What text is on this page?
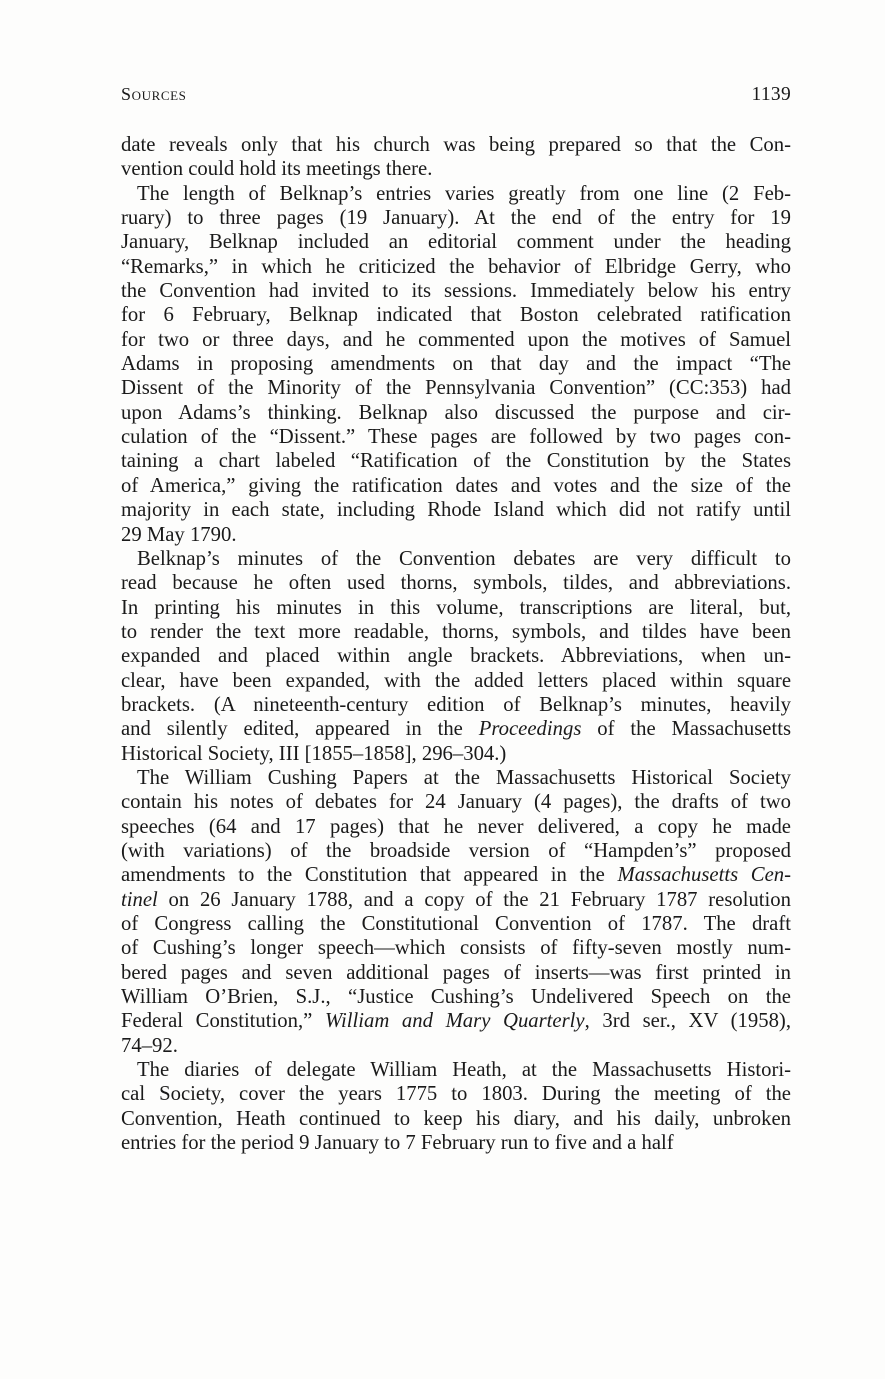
Sources	1139
date reveals only that his church was being prepared so that the Con-
vention could hold its meetings there.
The length of Belknap’s entries varies greatly from one line (2 Feb-
ruary) to three pages (19 January). At the end of the entry for 19
January, Belknap included an editorial comment under the heading
“Remarks,” in which he criticized the behavior of Elbridge Gerry, who
the Convention had invited to its sessions. Immediately below his entry
for 6 February, Belknap indicated that Boston celebrated ratification
for two or three days, and he commented upon the motives of Samuel
Adams in proposing amendments on that day and the impact “The
Dissent of the Minority of the Pennsylvania Convention” (CC:353) had
upon Adams’s thinking. Belknap also discussed the purpose and cir-
culation of the “Dissent.” These pages are followed by two pages con-
taining a chart labeled “Ratification of the Constitution by the States
of America,” giving the ratification dates and votes and the size of the
majority in each state, including Rhode Island which did not ratify until
29 May 1790.
Belknap’s minutes of the Convention debates are very difficult to
read because he often used thorns, symbols, tildes, and abbreviations.
In printing his minutes in this volume, transcriptions are literal, but,
to render the text more readable, thorns, symbols, and tildes have been
expanded and placed within angle brackets. Abbreviations, when un-
clear, have been expanded, with the added letters placed within square
brackets. (A nineteenth-century edition of Belknap’s minutes, heavily
and silently edited, appeared in the Proceedings of the Massachusetts
Historical Society, III [1855–1858], 296–304.)
The William Cushing Papers at the Massachusetts Historical Society
contain his notes of debates for 24 January (4 pages), the drafts of two
speeches (64 and 17 pages) that he never delivered, a copy he made
(with variations) of the broadside version of “Hampden’s” proposed
amendments to the Constitution that appeared in the Massachusetts Cen-
tinel on 26 January 1788, and a copy of the 21 February 1787 resolution
of Congress calling the Constitutional Convention of 1787. The draft
of Cushing’s longer speech—which consists of fifty-seven mostly num-
bered pages and seven additional pages of inserts—was first printed in
William O’Brien, S.J., “Justice Cushing’s Undelivered Speech on the
Federal Constitution,” William and Mary Quarterly, 3rd ser., XV (1958),
74–92.
The diaries of delegate William Heath, at the Massachusetts Histori-
cal Society, cover the years 1775 to 1803. During the meeting of the
Convention, Heath continued to keep his diary, and his daily, unbroken
entries for the period 9 January to 7 February run to five and a half
